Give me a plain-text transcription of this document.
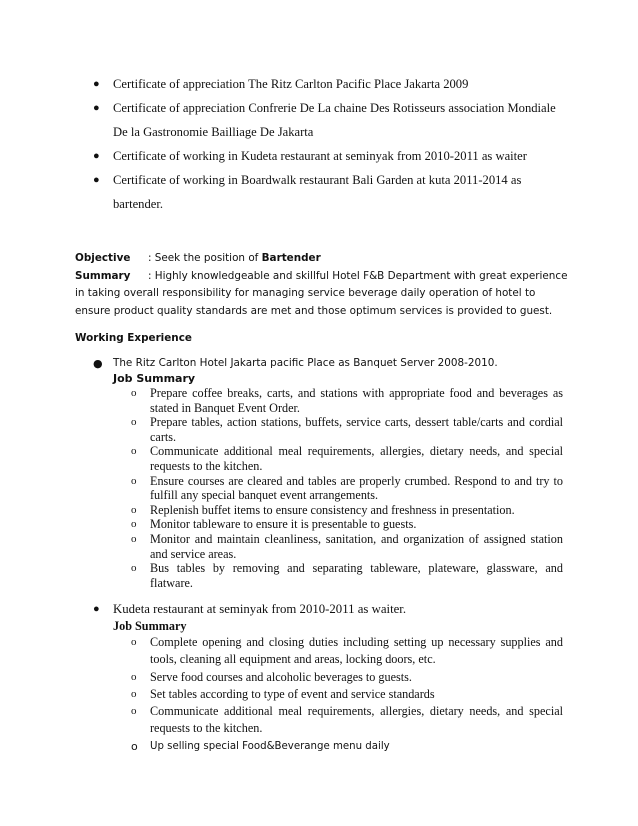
● Certificate of appreciation The Ritz Carlton Pacific Place Jakarta 2009
● Certificate of appreciation Confrerie De La chaine Des Rotisseurs association Mondiale De la Gastronomie Bailliage De Jakarta
● Certificate of working in Kudeta restaurant at seminyak from 2010-2011 as waiter
● Certificate of working in Boardwalk restaurant Bali Garden at kuta 2011-2014 as bartender.
Objective : Seek the position of Bartender
Summary : Highly knowledgeable and skillful Hotel F&B Department with great experience
in taking overall responsibility for managing service beverage daily operation of hotel to
ensure product quality standards are met and those optimum services is provided to guest.
Working Experience
● The Ritz Carlton Hotel Jakarta pacific Place as Banquet Server 2008-2010.
Job Summary
o Prepare coffee breaks, carts, and stations with appropriate food and beverages as stated in Banquet Event Order.
o Prepare tables, action stations, buffets, service carts, dessert table/carts and cordial carts.
o Communicate additional meal requirements, allergies, dietary needs, and special requests to the kitchen.
o Ensure courses are cleared and tables are properly crumbed. Respond to and try to fulfill any special banquet event arrangements.
o Replenish buffet items to ensure consistency and freshness in presentation.
o Monitor tableware to ensure it is presentable to guests.
o Monitor and maintain cleanliness, sanitation, and organization of assigned station and service areas.
o Bus tables by removing and separating tableware, plateware, glassware, and flatware.
● Kudeta restaurant at seminyak from 2010-2011 as waiter.
Job Summary
o Complete opening and closing duties including setting up necessary supplies and tools, cleaning all equipment and areas, locking doors, etc.
o Serve food courses and alcoholic beverages to guests.
o Set tables according to type of event and service standards
o Communicate additional meal requirements, allergies, dietary needs, and special requests to the kitchen.
o Up selling special Food&Beverange menu daily
